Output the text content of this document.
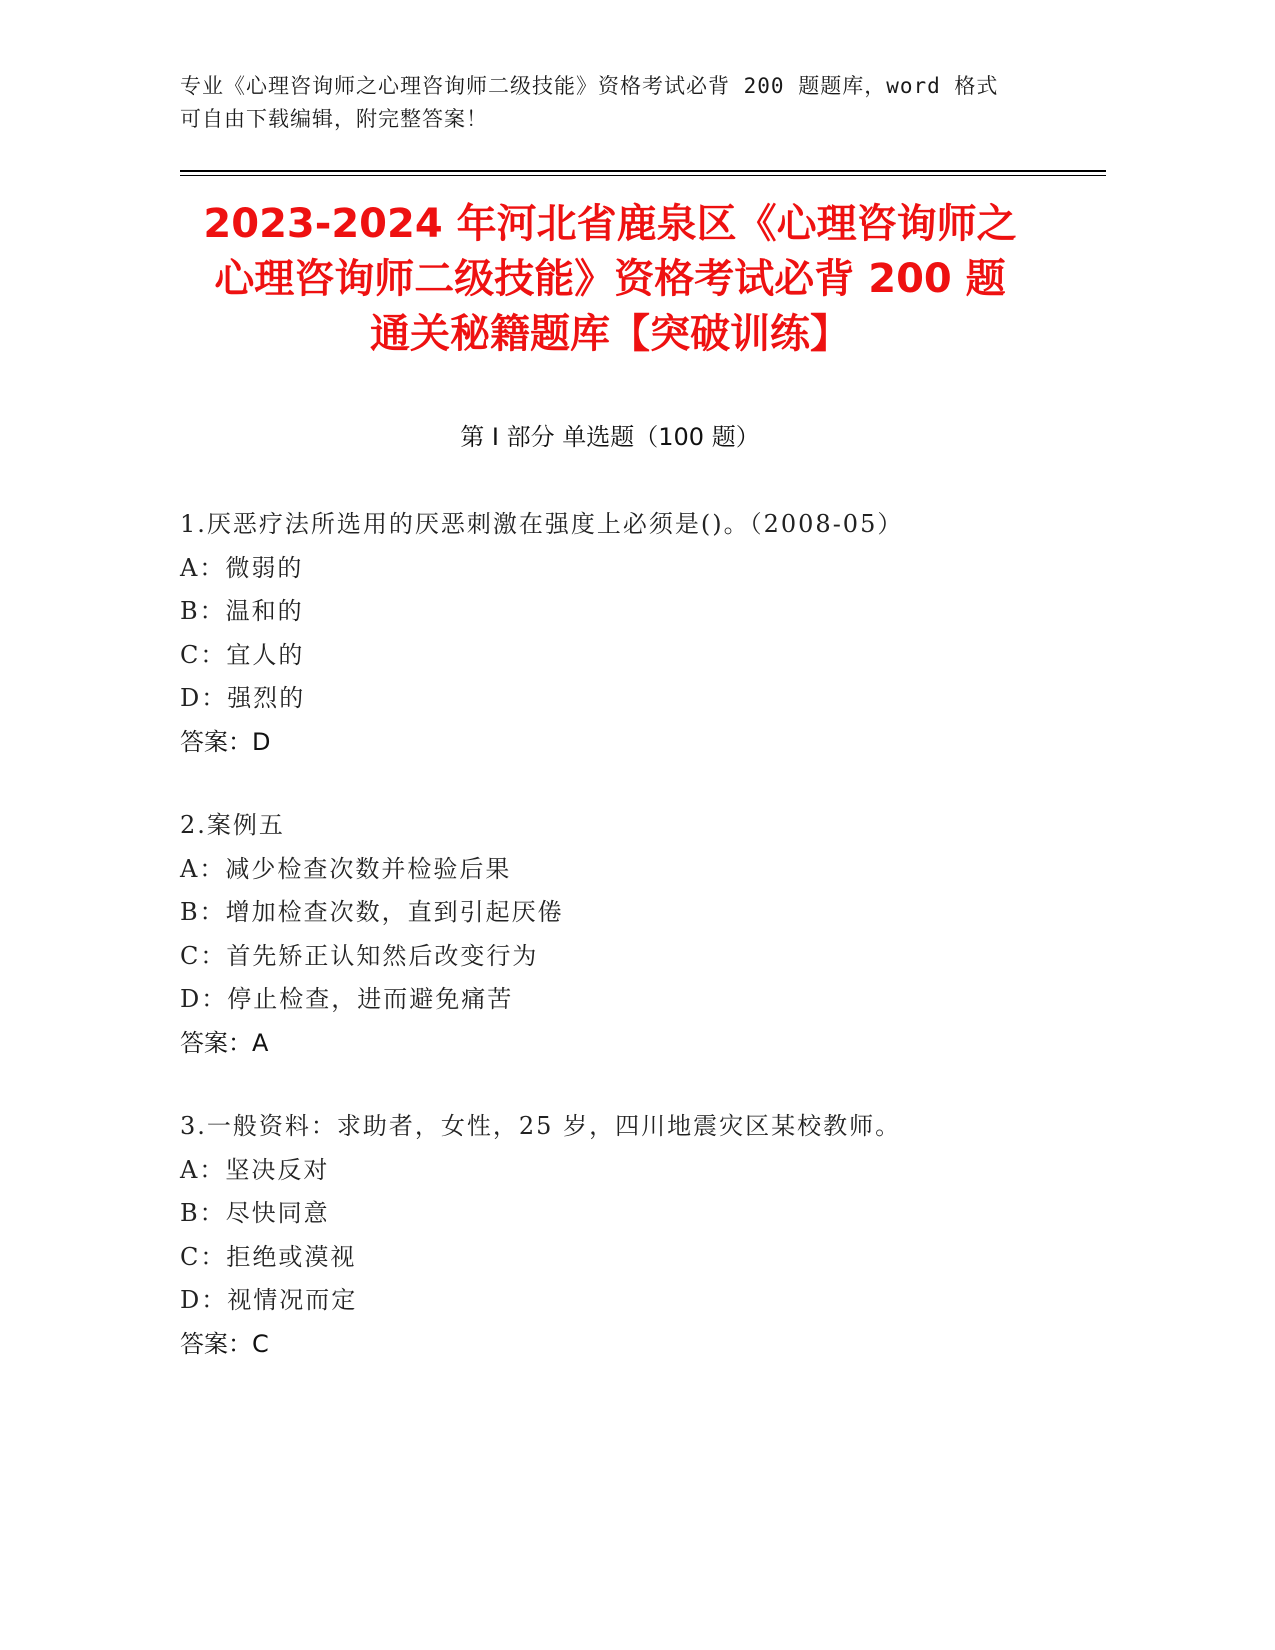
专业《心理咨询师之心理咨询师二级技能》资格考试必背 200 题题库，word 格式
可自由下载编辑，附完整答案！
2023-2024 年河北省鹿泉区《心理咨询师之
心理咨询师二级技能》资格考试必背 200 题
通关秘籍题库【突破训练】
第 I 部分 单选题（100 题）
1.厌恶疗法所选用的厌恶刺激在强度上必须是()。（2008-05）
A：微弱的
B：温和的
C：宜人的
D：强烈的
答案：D
2.案例五
A：减少检查次数并检验后果
B：增加检查次数，直到引起厌倦
C：首先矫正认知然后改变行为
D：停止检查，进而避免痛苦
答案：A
3.一般资料：求助者，女性，25 岁，四川地震灾区某校教师。
A：坚决反对
B：尽快同意
C：拒绝或漠视
D：视情况而定
答案：C
